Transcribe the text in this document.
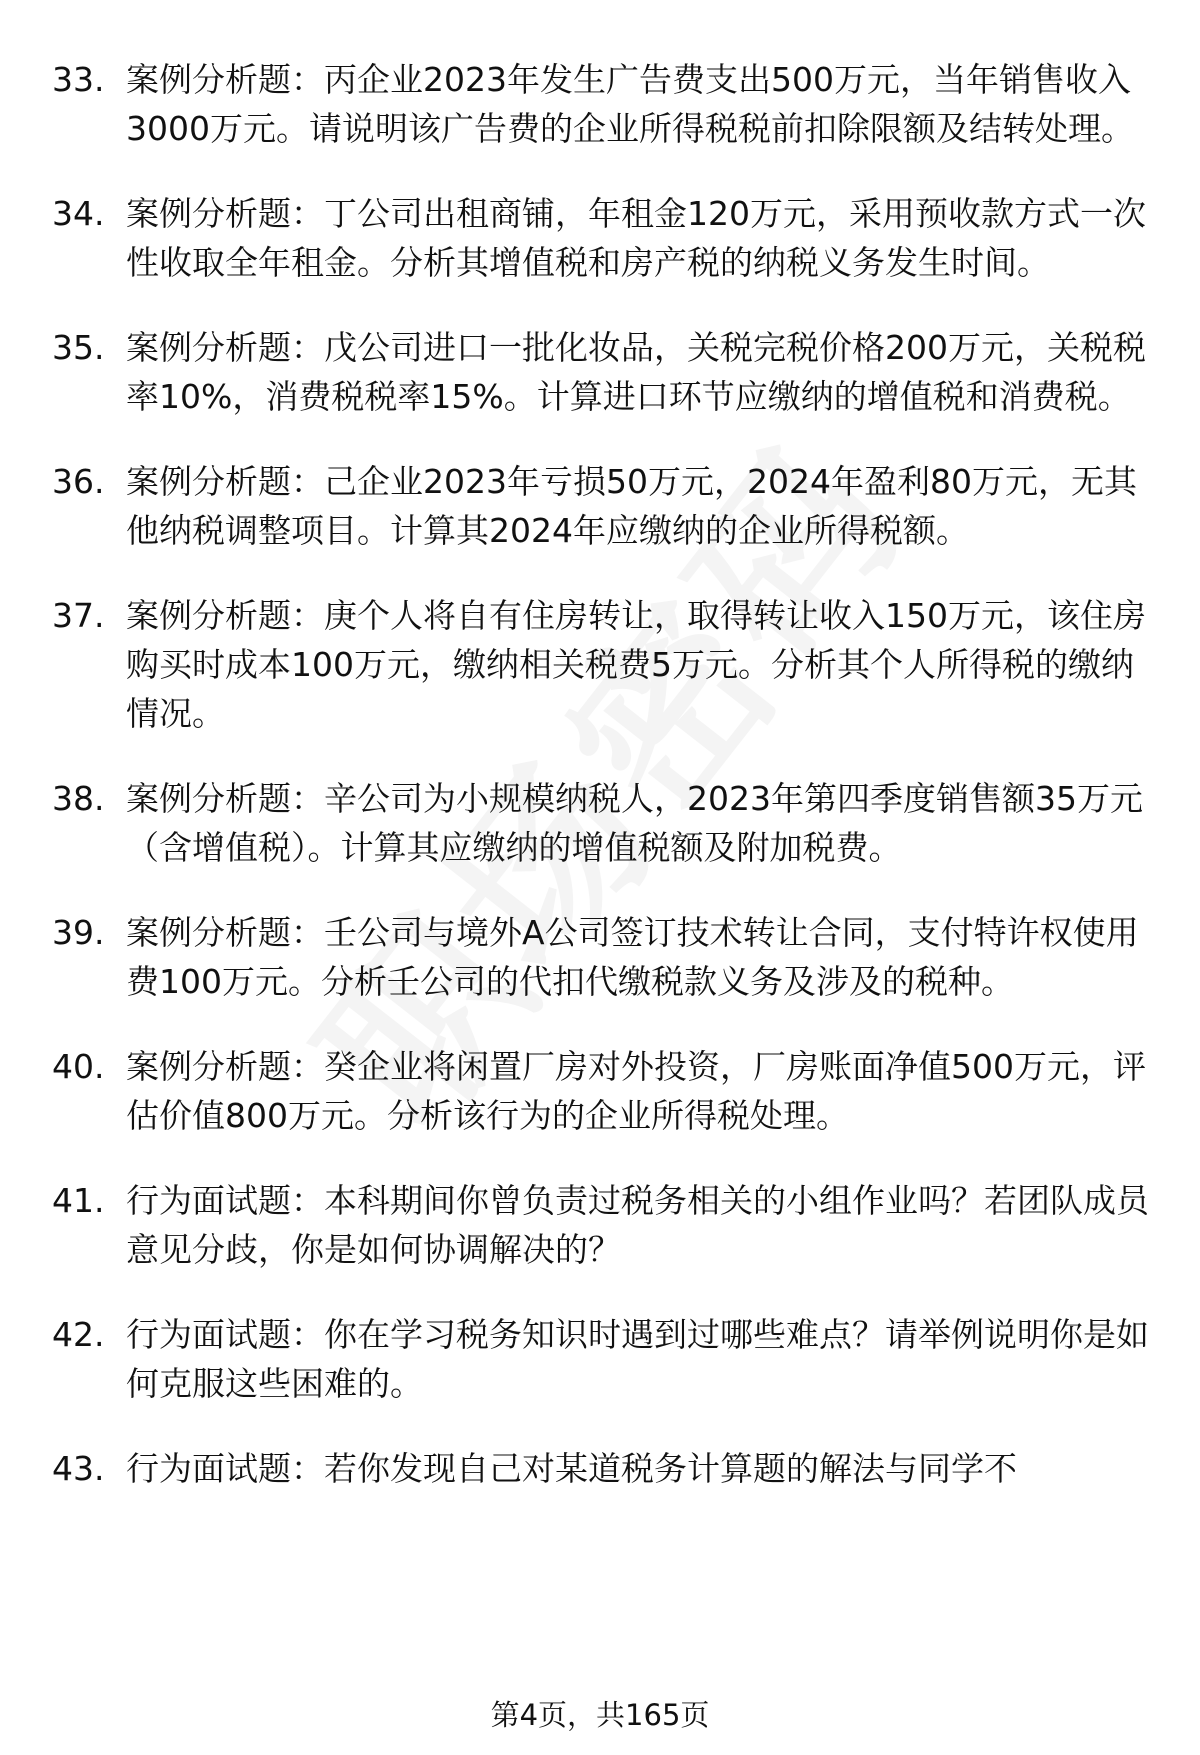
33. 案例分析题：丙企业2023年发生广告费支出500万元，当年销售收入3000万元。请说明该广告费的企业所得税税前扣除限额及结转处理。
34. 案例分析题：丁公司出租商铺，年租金120万元，采用预收款方式一次性收取全年租金。分析其增值税和房产税的纳税义务发生时间。
35. 案例分析题：戊公司进口一批化妆品，关税完税价格200万元，关税税率10%，消费税税率15%。计算进口环节应缴纳的增值税和消费税。
36. 案例分析题：己企业2023年亏损50万元，2024年盈利80万元，无其他纳税调整项目。计算其2024年应缴纳的企业所得税额。
37. 案例分析题：庚个人将自有住房转让，取得转让收入150万元，该住房购买时成本100万元，缴纳相关税费5万元。分析其个人所得税的缴纳情况。
38. 案例分析题：辛公司为小规模纳税人，2023年第四季度销售额35万元（含增值税）。计算其应缴纳的增值税额及附加税费。
39. 案例分析题：壬公司与境外A公司签订技术转让合同，支付特许权使用费100万元。分析壬公司的代扣代缴税款义务及涉及的税种。
40. 案例分析题：癸企业将闲置厂房对外投资，厂房账面净值500万元，评估价值800万元。分析该行为的企业所得税处理。
41. 行为面试题：本科期间你曾负责过税务相关的小组作业吗？若团队成员意见分歧，你是如何协调解决的？
42. 行为面试题：你在学习税务知识时遇到过哪些难点？请举例说明你是如何克服这些困难的。
43. 行为面试题：若你发现自己对某道税务计算题的解法与同学不
第4页，共165页
